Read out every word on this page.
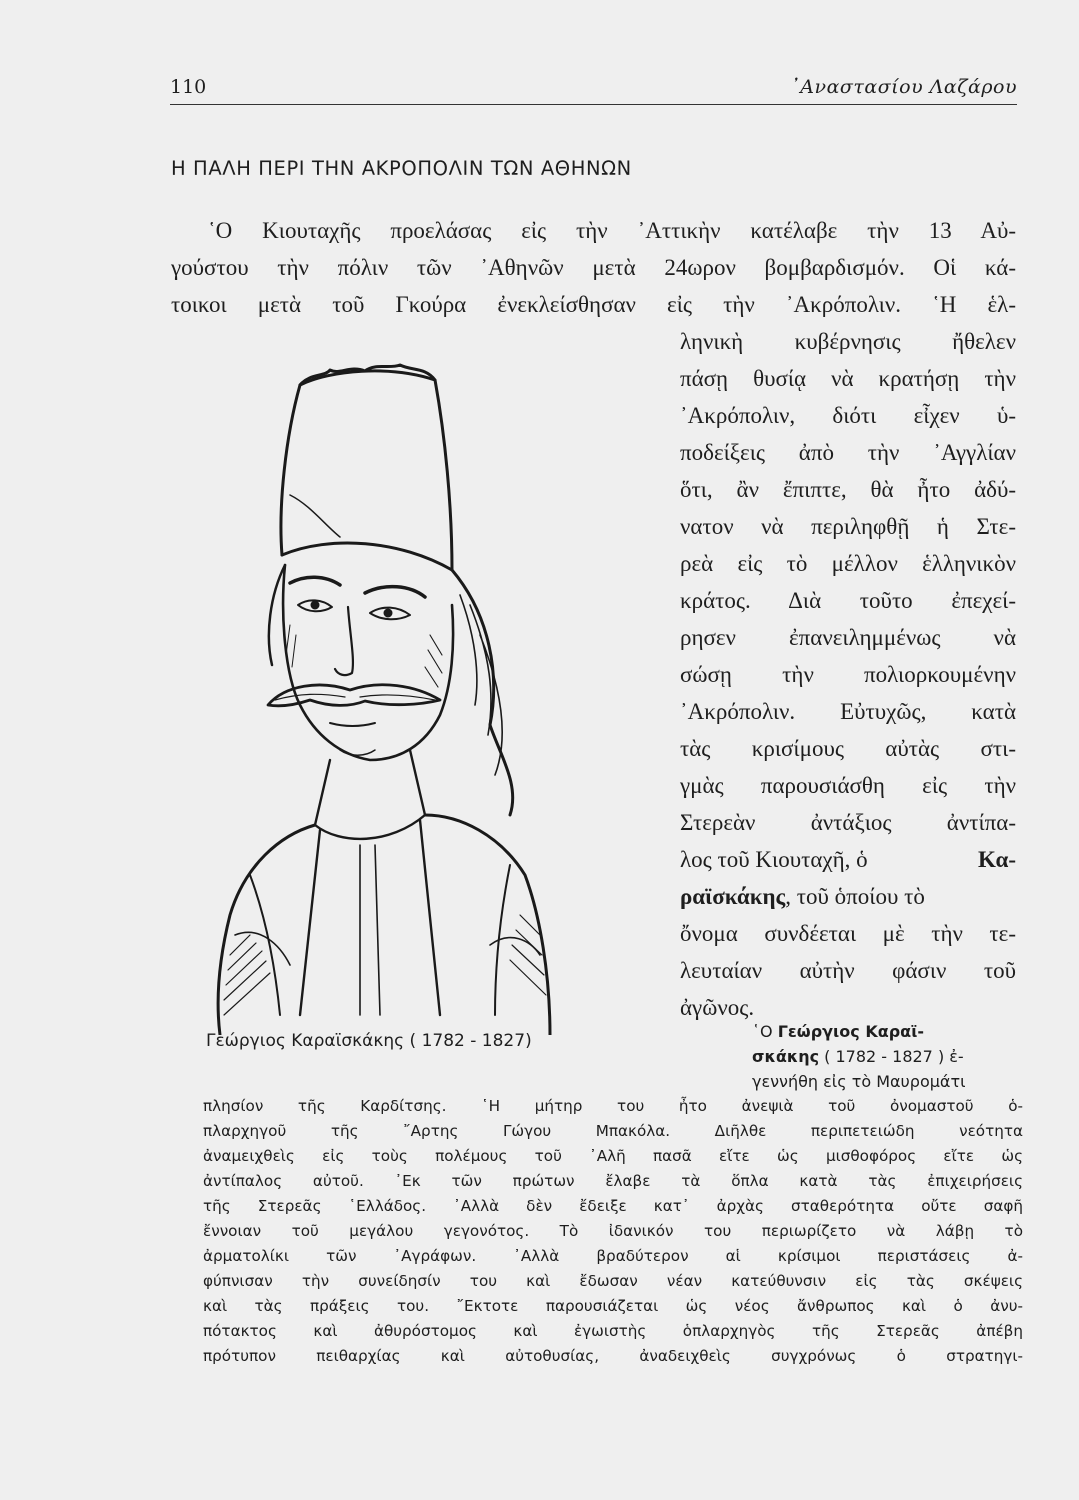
110	᾿Αναστασίου Λαζάρου
Η ΠΑΛΗ ΠΕΡΙ ΤΗΝ ΑΚΡΟΠΟΛΙΝ ΤΩΝ ΑΘΗΝΩΝ
῾Ο Κιουταχῆς προελάσας εἰς τὴν ᾿Αττικὴν κατέλαβε τὴν 13 Αὐ-
γούστου τὴν πόλιν τῶν ᾿Αθηνῶν μετὰ 24ωρον βομβαρδισμόν. Οἱ κά-
τοικοι μετὰ τοῦ Γκούρα ἐνεκλείσθησαν εἰς τὴν ᾿Ακρόπολιν. ῾Η ἑλ-
ληνικὴ κυβέρνησις ἤθελεν
πάσῃ θυσίᾳ νὰ κρατήσῃ τὴν
᾿Ακρόπολιν, διότι εἶχεν ὑ-
ποδείξεις ἀπὸ τὴν ᾿Αγγλίαν
ὅτι, ἂν ἔπιπτε, θὰ ἦτο ἀδύ-
νατον νὰ περιληφθῇ ἡ Στε-
ρεὰ εἰς τὸ μέλλον ἑλληνικὸν
κράτος. Διὰ τοῦτο ἐπεχεί-
ρησεν ἐπανειλημμένως νὰ
σώσῃ τὴν πολιορκουμένην
᾿Ακρόπολιν. Εὐτυχῶς, κατὰ
τὰς κρισίμους αὐτὰς στι-
γμὰς παρουσιάσθη εἰς τὴν
Στερεὰν ἀντάξιος ἀντίπα-
λος τοῦ Κιουταχῆ, ὁ	Κα-
ραϊσκάκης, τοῦ ὁποίου τὸ
ὄνομα συνδέεται μὲ τὴν τε-
λευταίαν αὐτὴν φάσιν τοῦ
ἀγῶνος.
῾Ο Γεώργιος Καραϊ-
σκάκης ( 1782 - 1827 ) ἐ-
γεννήθη εἰς τὸ Μαυρομάτι
πλησίον τῆς Καρδίτσης. ῾Η μήτηρ του ἦτο ἀνεψιὰ τοῦ ὀνομαστοῦ ὁ-
πλαρχηγοῦ τῆς ῎Αρτης Γώγου Μπακόλα. Διῆλθε περιπετειώδη νεότητα
ἀναμειχθεὶς εἰς τοὺς πολέμους τοῦ ᾿Αλῆ πασᾶ εἴτε ὡς μισθοφόρος εἴτε ὡς
ἀντίπαλος αὐτοῦ. ᾿Εκ τῶν πρώτων ἔλαβε τὰ ὅπλα κατὰ τὰς ἐπιχειρήσεις
τῆς Στερεᾶς ῾Ελλάδος. ᾿Αλλὰ δὲν ἔδειξε κατ᾿ ἀρχὰς σταθερότητα οὔτε σαφῆ
ἔννοιαν τοῦ μεγάλου γεγονότος. Τὸ ἰδανικόν του περιωρίζετο νὰ λάβῃ τὸ
ἀρματολίκι τῶν ᾿Αγράφων. ᾿Αλλὰ βραδύτερον αἱ κρίσιμοι περιστάσεις ἀ-
φύπνισαν τὴν συνείδησίν του καὶ ἔδωσαν νέαν κατεύθυνσιν εἰς τὰς σκέψεις
καὶ τὰς πράξεις του. ῎Εκτοτε παρουσιάζεται ὡς νέος ἄνθρωπος καὶ ὁ ἀνυ-
πότακτος καὶ ἀθυρόστομος καὶ ἐγωιστὴς ὁπλαρχηγὸς τῆς Στερεᾶς ἀπέβη
πρότυπον πειθαρχίας καὶ αὐτοθυσίας, ἀναδειχθεὶς συγχρόνως ὁ στρατηγι-
Γεώργιος Καραϊσκάκης ( 1782 - 1827)
